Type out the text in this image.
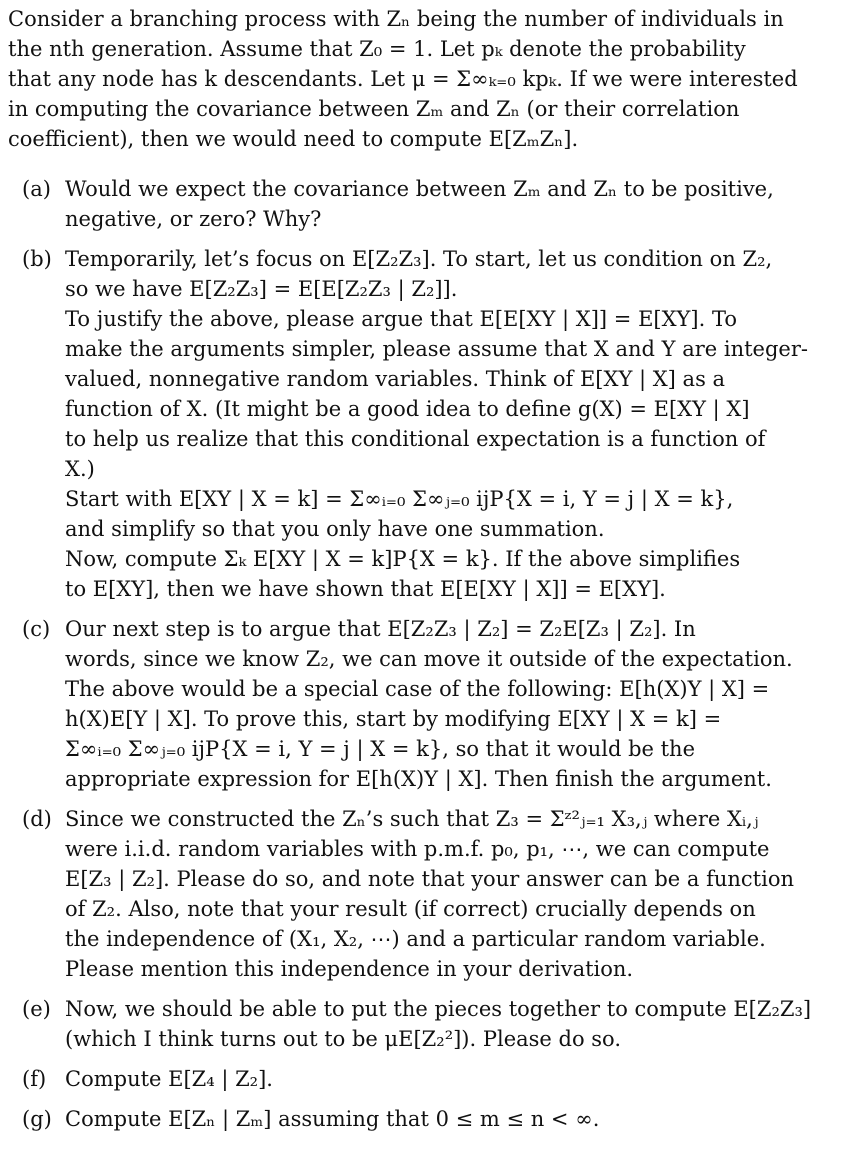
Consider a branching process with Zₙ being the number of individuals in
the nth generation. Assume that Z₀ = 1. Let pₖ denote the probability
that any node has k descendants. Let μ = Σ∞ₖ₌₀ kpₖ. If we were interested
in computing the covariance between Zₘ and Zₙ (or their correlation
coefficient), then we would need to compute E[ZₘZₙ].
(a) Would we expect the covariance between Zₘ and Zₙ to be positive,
negative, or zero? Why?
(b) Temporarily, let’s focus on E[Z₂Z₃]. To start, let us condition on Z₂,
so we have E[Z₂Z₃] = E[E[Z₂Z₃ | Z₂]].
To justify the above, please argue that E[E[XY | X]] = E[XY]. To
make the arguments simpler, please assume that X and Y are integer-
valued, nonnegative random variables. Think of E[XY | X] as a
function of X. (It might be a good idea to define g(X) = E[XY | X]
to help us realize that this conditional expectation is a function of
X.)
Start with E[XY | X = k] = Σ∞ᵢ₌₀ Σ∞ⱼ₌₀ ijP{X = i, Y = j | X = k},
and simplify so that you only have one summation.
Now, compute Σₖ E[XY | X = k]P{X = k}. If the above simplifies
to E[XY], then we have shown that E[E[XY | X]] = E[XY].
(c) Our next step is to argue that E[Z₂Z₃ | Z₂] = Z₂E[Z₃ | Z₂]. In
words, since we know Z₂, we can move it outside of the expectation.
The above would be a special case of the following: E[h(X)Y | X] =
h(X)E[Y | X]. To prove this, start by modifying E[XY | X = k] =
Σ∞ᵢ₌₀ Σ∞ⱼ₌₀ ijP{X = i, Y = j | X = k}, so that it would be the
appropriate expression for E[h(X)Y | X]. Then finish the argument.
(d) Since we constructed the Zₙ’s such that Z₃ = Σᶻ²ⱼ₌₁ X₃,ⱼ where Xᵢ,ⱼ
were i.i.d. random variables with p.m.f. p₀, p₁, ⋯, we can compute
E[Z₃ | Z₂]. Please do so, and note that your answer can be a function
of Z₂. Also, note that your result (if correct) crucially depends on
the independence of (X₁, X₂, ⋯) and a particular random variable.
Please mention this independence in your derivation.
(e) Now, we should be able to put the pieces together to compute E[Z₂Z₃]
(which I think turns out to be μE[Z₂²]). Please do so.
(f) Compute E[Z₄ | Z₂].
(g) Compute E[Zₙ | Zₘ] assuming that 0 ≤ m ≤ n < ∞.
